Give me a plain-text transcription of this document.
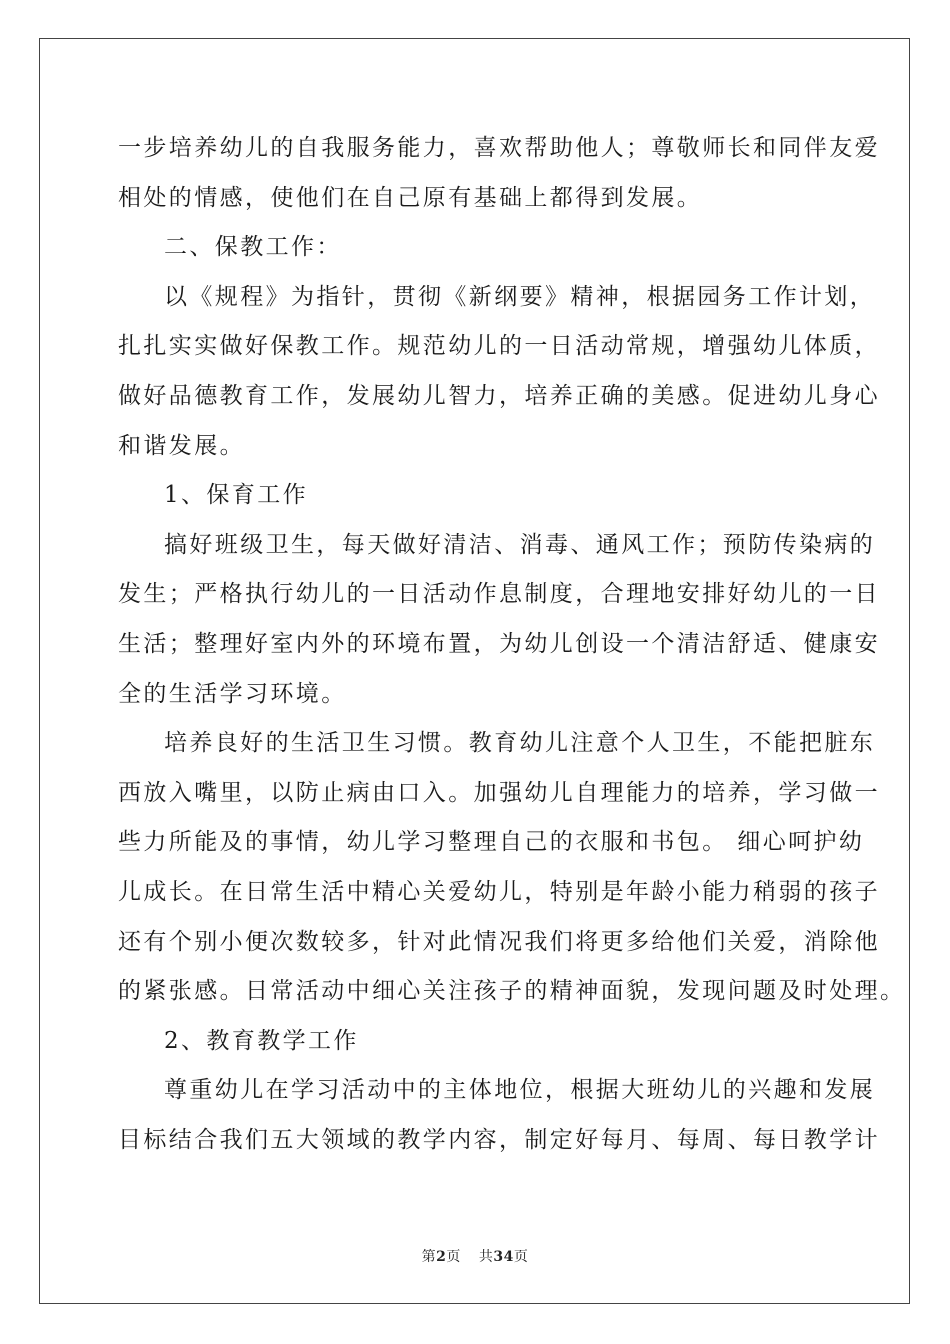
一步培养幼儿的自我服务能力，喜欢帮助他人；尊敬师长和同伴友爱
相处的情感，使他们在自己原有基础上都得到发展。
二、保教工作：
以《规程》为指针，贯彻《新纲要》精神，根据园务工作计划，
扎扎实实做好保教工作。规范幼儿的一日活动常规，增强幼儿体质，
做好品德教育工作，发展幼儿智力，培养正确的美感。促进幼儿身心
和谐发展。
1、保育工作
搞好班级卫生，每天做好清洁、消毒、通风工作；预防传染病的
发生；严格执行幼儿的一日活动作息制度，合理地安排好幼儿的一日
生活；整理好室内外的环境布置，为幼儿创设一个清洁舒适、健康安
全的生活学习环境。
培养良好的生活卫生习惯。教育幼儿注意个人卫生，不能把脏东
西放入嘴里，以防止病由口入。加强幼儿自理能力的培养，学习做一
些力所能及的事情，幼儿学习整理自己的衣服和书包。 细心呵护幼
儿成长。在日常生活中精心关爱幼儿，特别是年龄小能力稍弱的孩子
还有个别小便次数较多，针对此情况我们将更多给他们关爱，消除他
的紧张感。日常活动中细心关注孩子的精神面貌，发现问题及时处理。
2、教育教学工作
尊重幼儿在学习活动中的主体地位，根据大班幼儿的兴趣和发展
目标结合我们五大领域的教学内容，制定好每月、每周、每日教学计
第2页 共34页
